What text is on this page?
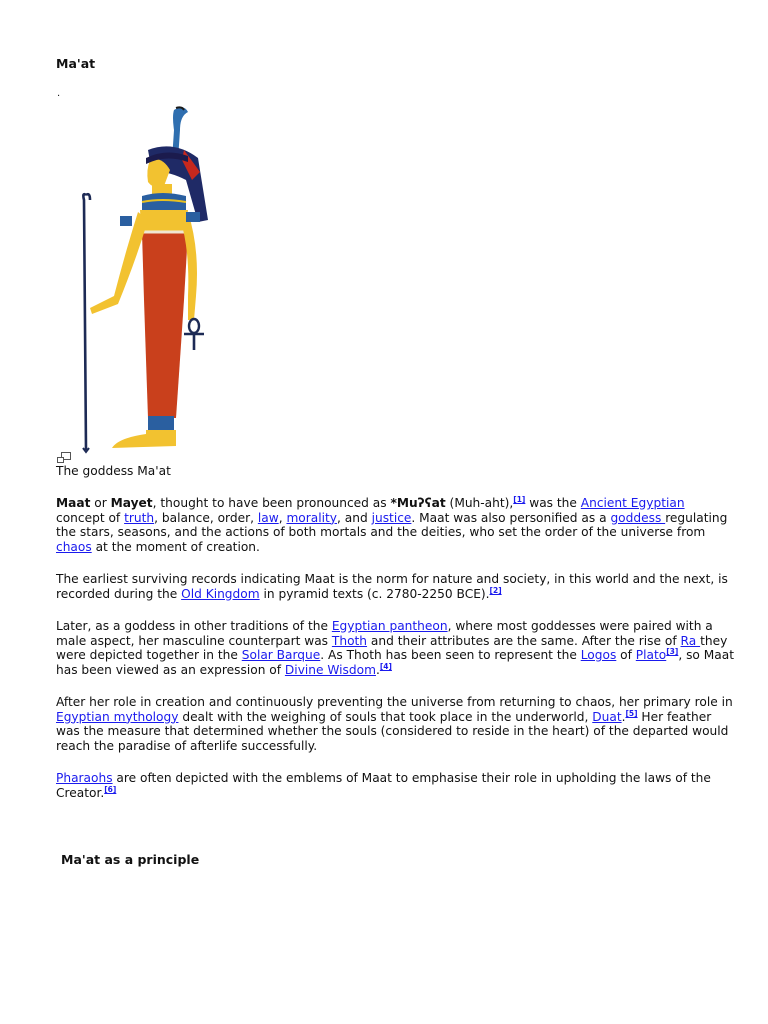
Ma'at
.
The goddess Ma'at

Maat or Mayet, thought to have been pronounced as *Muʔʕat (Muh-aht),[1] was the Ancient Egyptian concept of truth, balance, order, law, morality, and justice. Maat was also personified as a goddess regulating the stars, seasons, and the actions of both mortals and the deities, who set the order of the universe from chaos at the moment of creation.

The earliest surviving records indicating Maat is the norm for nature and society, in this world and the next, is recorded during the Old Kingdom in pyramid texts (c. 2780-2250 BCE).[2]

Later, as a goddess in other traditions of the Egyptian pantheon, where most goddesses were paired with a male aspect, her masculine counterpart was Thoth and their attributes are the same. After the rise of Ra they were depicted together in the Solar Barque. As Thoth has been seen to represent the Logos of Plato[3], so Maat has been viewed as an expression of Divine Wisdom.[4]

After her role in creation and continuously preventing the universe from returning to chaos, her primary role in Egyptian mythology dealt with the weighing of souls that took place in the underworld, Duat.[5] Her feather was the measure that determined whether the souls (considered to reside in the heart) of the departed would reach the paradise of afterlife successfully.

Pharaohs are often depicted with the emblems of Maat to emphasise their role in upholding the laws of the Creator.[6]

Ma'at as a principle
